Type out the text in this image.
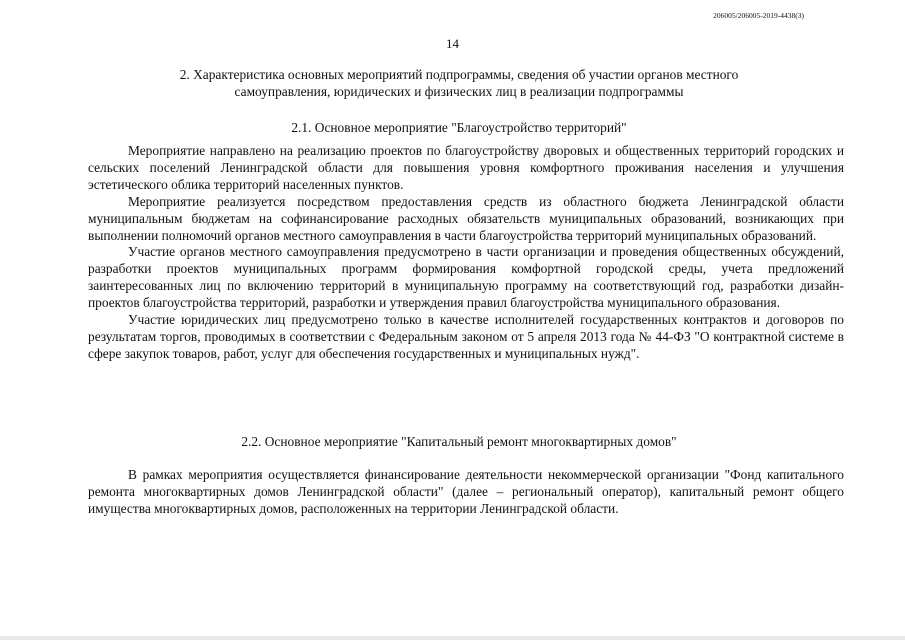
206005/206005-2019-4438(3)
14
2. Характеристика основных мероприятий подпрограммы, сведения об участии органов местного самоуправления, юридических и физических лиц в реализации подпрограммы
2.1. Основное мероприятие "Благоустройство территорий"

Мероприятие направлено на реализацию проектов по благоустройству дворовых и общественных территорий городских и сельских поселений Ленинградской области для повышения уровня комфортного проживания населения и улучшения эстетического облика территорий населенных пунктов.

Мероприятие реализуется посредством предоставления средств из областного бюджета Ленинградской области муниципальным бюджетам на софинансирование расходных обязательств муниципальных образований, возникающих при выполнении полномочий органов местного самоуправления в части благоустройства территорий муниципальных образований.

Участие органов местного самоуправления предусмотрено в части организации и проведения общественных обсуждений, разработки проектов муниципальных программ формирования комфортной городской среды, учета предложений заинтересованных лиц по включению территорий в муниципальную программу на соответствующий год, разработки дизайн-проектов благоустройства территорий, разработки и утверждения правил благоустройства муниципального образования.

Участие юридических лиц предусмотрено только в качестве исполнителей государственных контрактов и договоров по результатам торгов, проводимых в соответствии с Федеральным законом от 5 апреля 2013 года № 44-ФЗ "О контрактной системе в сфере закупок товаров, работ, услуг для обеспечения государственных и муниципальных нужд".

2.2. Основное мероприятие "Капитальный ремонт многоквартирных домов"

В рамках мероприятия осуществляется финансирование деятельности некоммерческой организации "Фонд капитального ремонта многоквартирных домов Ленинградской области" (далее – региональный оператор), капитальный ремонт общего имущества многоквартирных домов, расположенных на территории Ленинградской области.
